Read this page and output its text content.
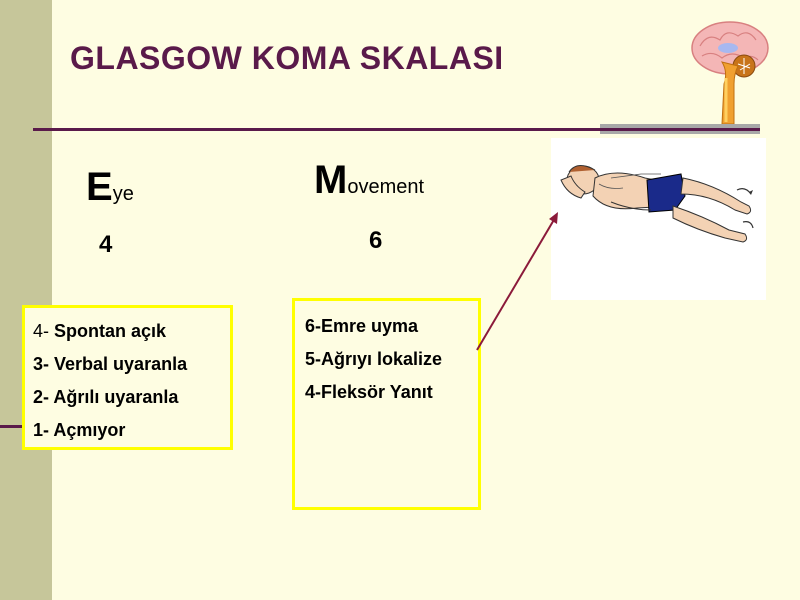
GLASGOW KOMA SKALASI
Eye	Movement
4	6
4- Spontan açık
3- Verbal uyaranla
2- Ağrılı uyaranla
1- Açmıyor
6-Emre uyma
5-Ağrıyı lokalize
4-Fleksör Yanıt
